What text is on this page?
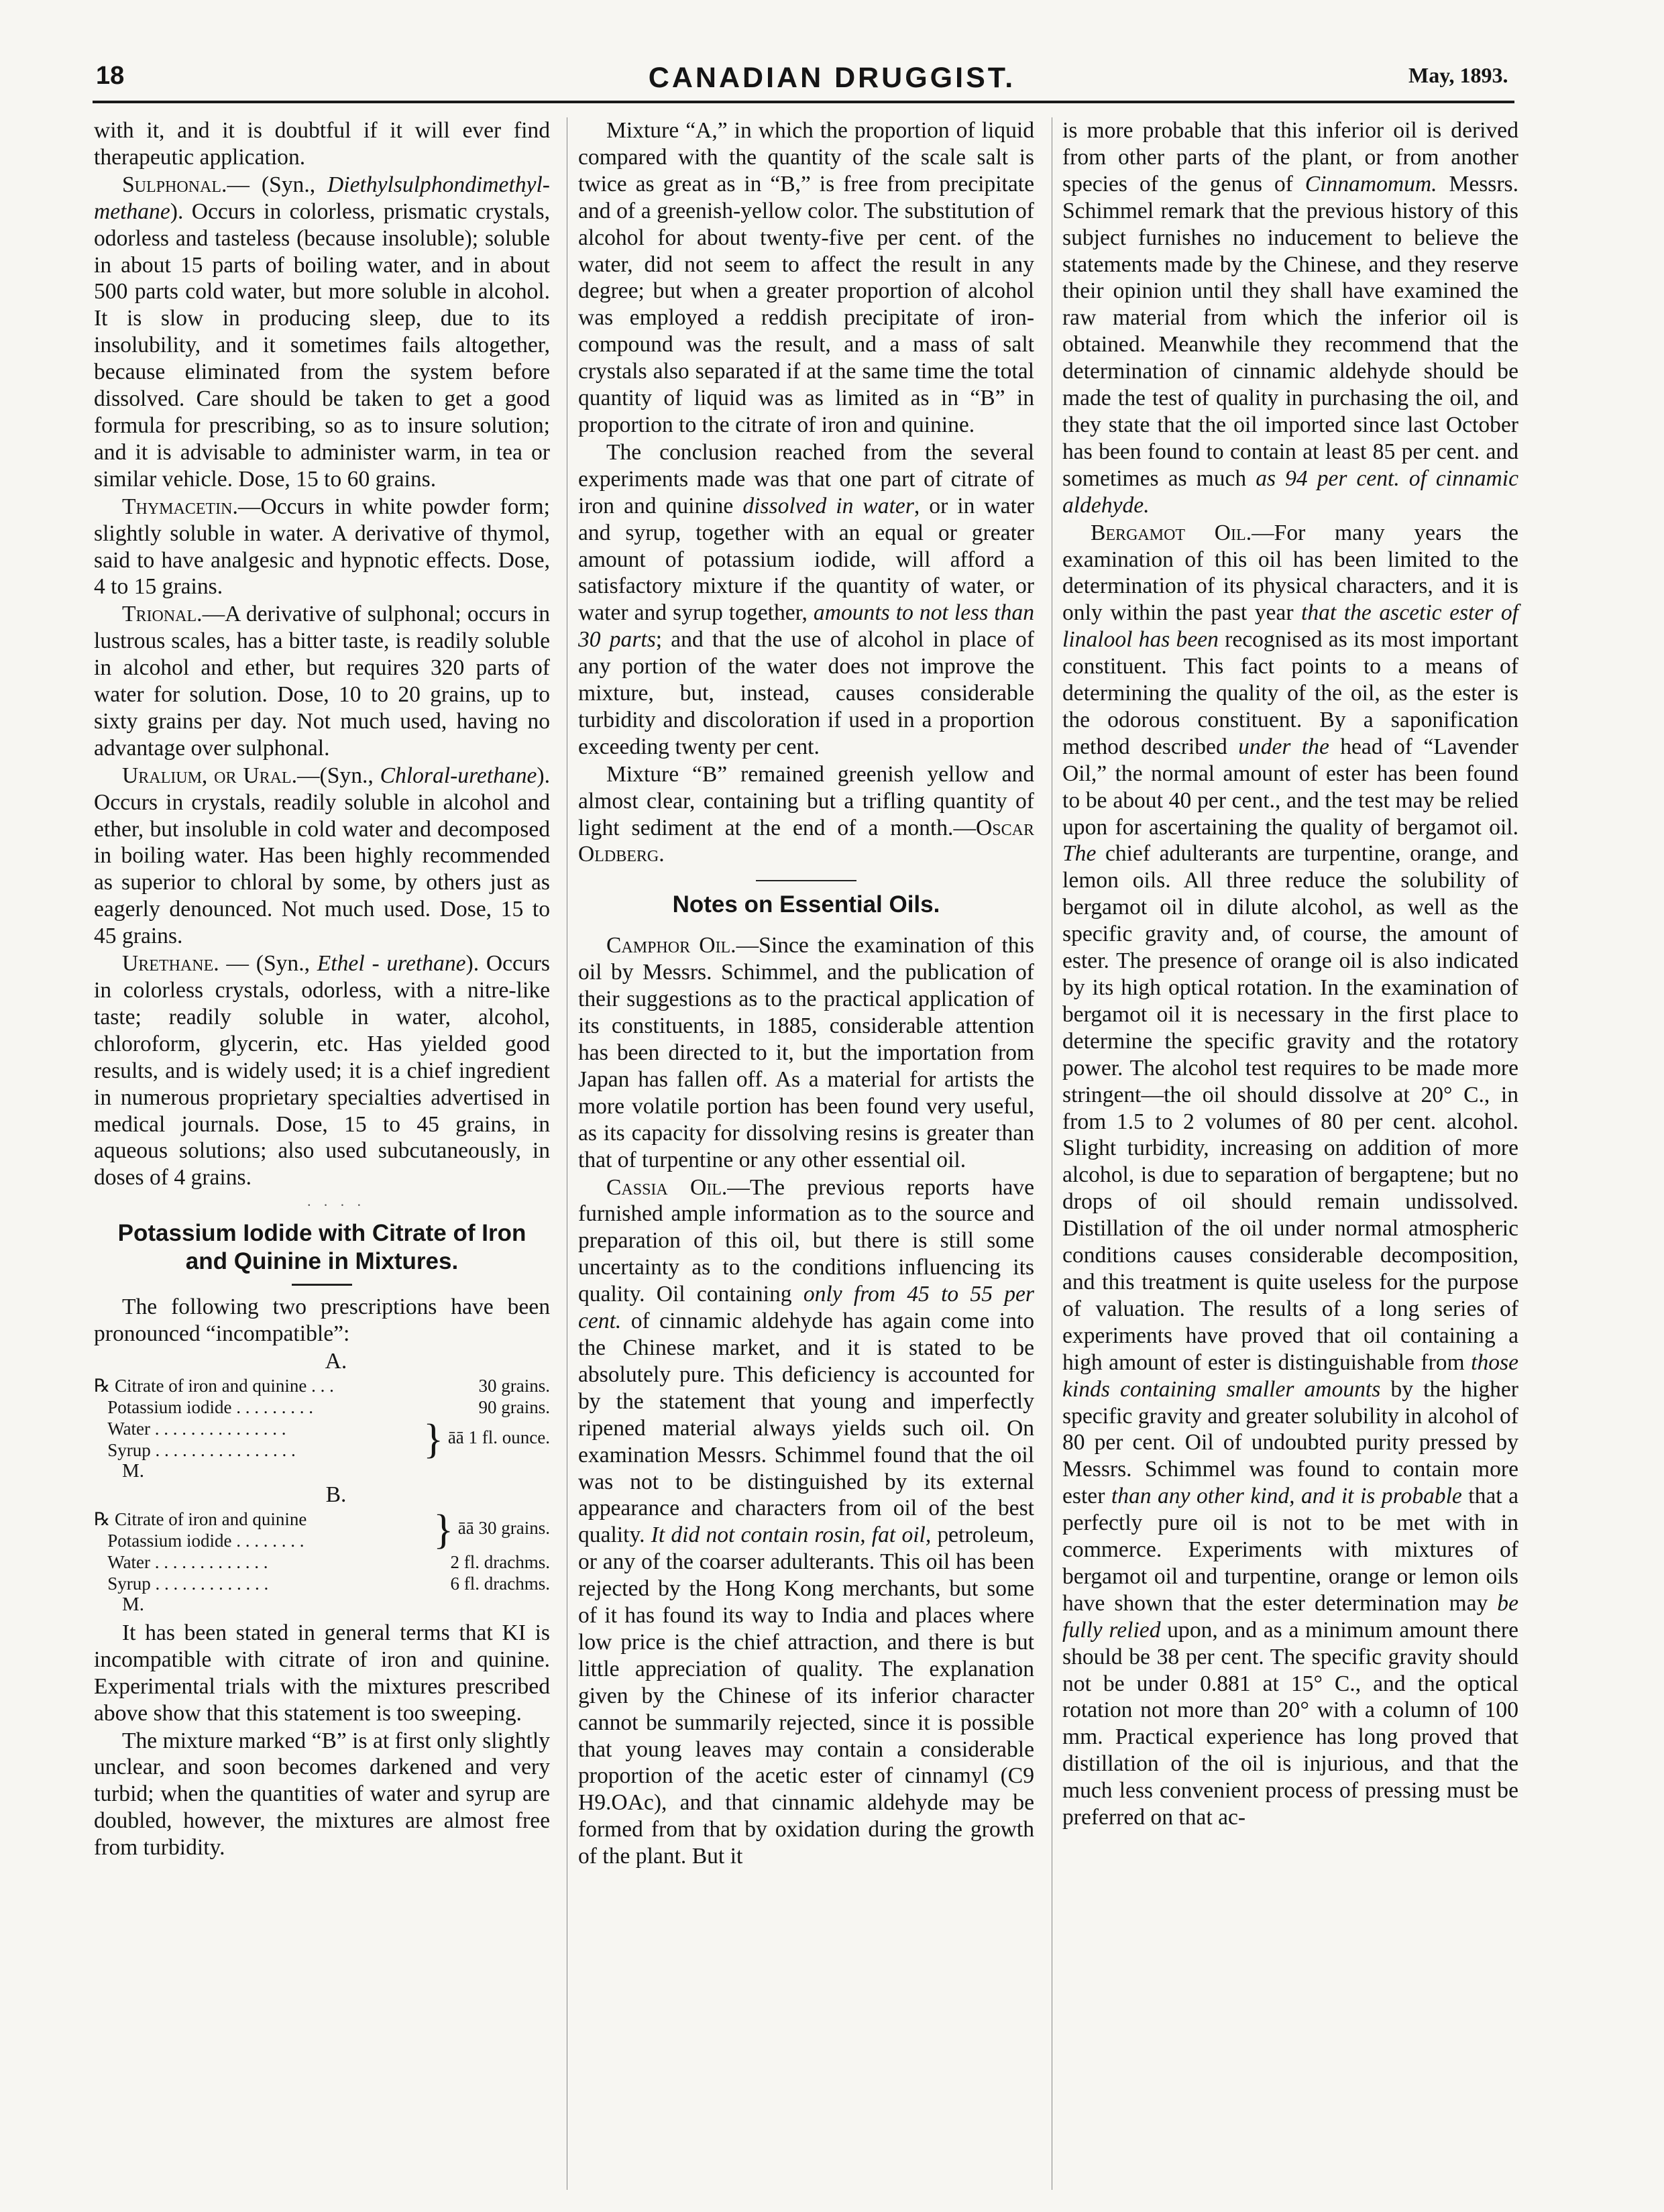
18	CANADIAN DRUGGIST.	May, 1893.

with it, and it is doubtful if it will ever find therapeutic application.

Sulphonal.— (Syn., Diethylsulphondimethyl-methane). Occurs in colorless, prismatic crystals, odorless and tasteless (because insoluble); soluble in about 15 parts of boiling water, and in about 500 parts cold water, but more soluble in alcohol. It is slow in producing sleep, due to its insolubility, and it sometimes fails altogether, because eliminated from the system before dissolved. Care should be taken to get a good formula for prescribing, so as to insure solution; and it is advisable to administer warm, in tea or similar vehicle. Dose, 15 to 60 grains.

Thymacetin.—Occurs in white powder form; slightly soluble in water. A derivative of thymol, said to have analgesic and hypnotic effects. Dose, 4 to 15 grains.

Trional.—A derivative of sulphonal; occurs in lustrous scales, has a bitter taste, is readily soluble in alcohol and ether, but requires 320 parts of water for solution. Dose, 10 to 20 grains, up to sixty grains per day. Not much used, having no advantage over sulphonal.

Uralium, or Ural.—(Syn., Chloral-urethane). Occurs in crystals, readily soluble in alcohol and ether, but insoluble in cold water and decomposed in boiling water. Has been highly recommended as superior to chloral by some, by others just as eagerly denounced. Not much used. Dose, 15 to 45 grains.

Urethane. — (Syn., Ethel - urethane). Occurs in colorless crystals, odorless, with a nitre-like taste; readily soluble in water, alcohol, chloroform, glycerin, etc. Has yielded good results, and is widely used; it is a chief ingredient in numerous proprietary specialties advertised in medical journals. Dose, 15 to 45 grains, in aqueous solutions; also used subcutaneously, in doses of 4 grains.

· · · ·

Potassium Iodide with Citrate of Iron and Quinine in Mixtures.

The following two prescriptions have been pronounced “incompatible”:

A.

℞ Citrate of iron and quinine . . .	30 grains.
Potassium iodide . . . . . . . . .	90 grains.
Water . . . . . . . . . . . . . . .	} āā 1 fl. ounce.
Syrup . . . . . . . . . . . . . . . .	

M.

B.

℞ Citrate of iron and quinine	} āā 30 grains.
Potassium iodide . . . . . . . .	
Water . . . . . . . . . . . . .	2 fl. drachms.
Syrup . . . . . . . . . . . . .	6 fl. drachms.

M.

It has been stated in general terms that KI is incompatible with citrate of iron and quinine. Experimental trials with the mixtures prescribed above show that this statement is too sweeping.

The mixture marked “B” is at first only slightly unclear, and soon becomes darkened and very turbid; when the quantities of water and syrup are doubled, however, the mixtures are almost free from turbidity.

Mixture “A,” in which the proportion of liquid compared with the quantity of the scale salt is twice as great as in “B,” is free from precipitate and of a greenish-yellow color. The substitution of alcohol for about twenty-five per cent. of the water, did not seem to affect the result in any degree; but when a greater proportion of alcohol was employed a reddish precipitate of iron-compound was the result, and a mass of salt crystals also separated if at the same time the total quantity of liquid was as limited as in “B” in proportion to the citrate of iron and quinine.

The conclusion reached from the several experiments made was that one part of citrate of iron and quinine dissolved in water, or in water and syrup, together with an equal or greater amount of potassium iodide, will afford a satisfactory mixture if the quantity of water, or water and syrup together, amounts to not less than 30 parts; and that the use of alcohol in place of any portion of the water does not improve the mixture, but, instead, causes considerable turbidity and discoloration if used in a proportion exceeding twenty per cent.

Mixture “B” remained greenish yellow and almost clear, containing but a trifling quantity of light sediment at the end of a month.—Oscar Oldberg.

Notes on Essential Oils.

Camphor Oil.—Since the examination of this oil by Messrs. Schimmel, and the publication of their suggestions as to the practical application of its constituents, in 1885, considerable attention has been directed to it, but the importation from Japan has fallen off. As a material for artists the more volatile portion has been found very useful, as its capacity for dissolving resins is greater than that of turpentine or any other essential oil.

Cassia Oil.—The previous reports have furnished ample information as to the source and preparation of this oil, but there is still some uncertainty as to the conditions influencing its quality. Oil containing only from 45 to 55 per cent. of cinnamic aldehyde has again come into the Chinese market, and it is stated to be absolutely pure. This deficiency is accounted for by the statement that young and imperfectly ripened material always yields such oil. On examination Messrs. Schimmel found that the oil was not to be distinguished by its external appearance and characters from oil of the best quality. It did not contain rosin, fat oil, petroleum, or any of the coarser adulterants. This oil has been rejected by the Hong Kong merchants, but some of it has found its way to India and places where low price is the chief attraction, and there is but little appreciation of quality. The explanation given by the Chinese of its inferior character cannot be summarily rejected, since it is possible that young leaves may contain a considerable proportion of the acetic ester of cinnamyl (C9 H9.OAc), and that cinnamic aldehyde may be formed from that by oxidation during the growth of the plant. But it

is more probable that this inferior oil is derived from other parts of the plant, or from another species of the genus of Cinnamomum. Messrs. Schimmel remark that the previous history of this subject furnishes no inducement to believe the statements made by the Chinese, and they reserve their opinion until they shall have examined the raw material from which the inferior oil is obtained. Meanwhile they recommend that the determination of cinnamic aldehyde should be made the test of quality in purchasing the oil, and they state that the oil imported since last October has been found to contain at least 85 per cent. and sometimes as much as 94 per cent. of cinnamic aldehyde.

Bergamot Oil.—For many years the examination of this oil has been limited to the determination of its physical characters, and it is only within the past year that the ascetic ester of linalool has been recognised as its most important constituent. This fact points to a means of determining the quality of the oil, as the ester is the odorous constituent. By a saponification method described under the head of “Lavender Oil,” the normal amount of ester has been found to be about 40 per cent., and the test may be relied upon for ascertaining the quality of bergamot oil. The chief adulterants are turpentine, orange, and lemon oils. All three reduce the solubility of bergamot oil in dilute alcohol, as well as the specific gravity and, of course, the amount of ester. The presence of orange oil is also indicated by its high optical rotation. In the examination of bergamot oil it is necessary in the first place to determine the specific gravity and the rotatory power. The alcohol test requires to be made more stringent—the oil should dissolve at 20° C., in from 1.5 to 2 volumes of 80 per cent. alcohol. Slight turbidity, increasing on addition of more alcohol, is due to separation of bergaptene; but no drops of oil should remain undissolved. Distillation of the oil under normal atmospheric conditions causes considerable decomposition, and this treatment is quite useless for the purpose of valuation. The results of a long series of experiments have proved that oil containing a high amount of ester is distinguishable from those kinds containing smaller amounts by the higher specific gravity and greater solubility in alcohol of 80 per cent. Oil of undoubted purity pressed by Messrs. Schimmel was found to contain more ester than any other kind, and it is probable that a perfectly pure oil is not to be met with in commerce. Experiments with mixtures of bergamot oil and turpentine, orange or lemon oils have shown that the ester determination may be fully relied upon, and as a minimum amount there should be 38 per cent. The specific gravity should not be under 0.881 at 15° C., and the optical rotation not more than 20° with a column of 100 mm. Practical experience has long proved that distillation of the oil is injurious, and that the much less convenient process of pressing must be preferred on that ac-
